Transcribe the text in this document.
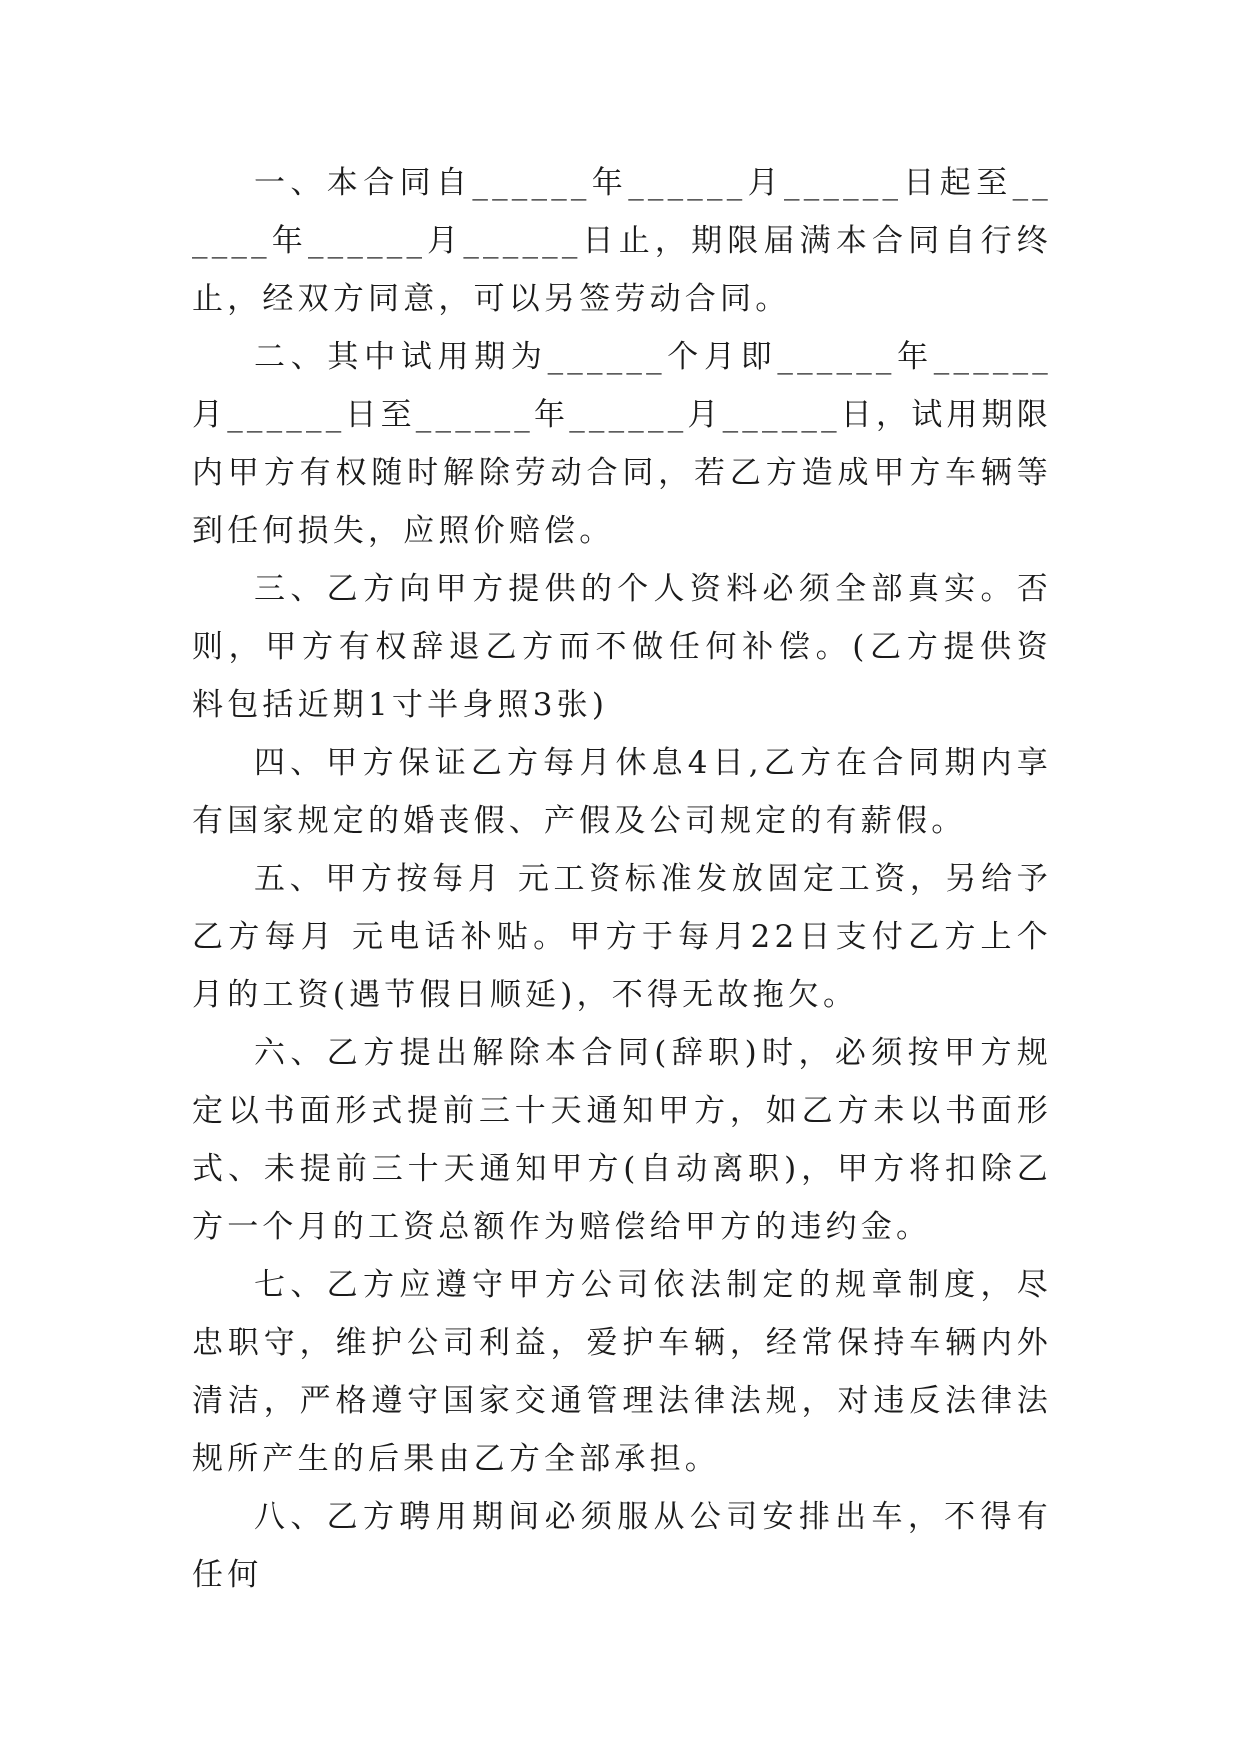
一、本合同自______年______月______日起至______年______月______日止，期限届满本合同自行终止，经双方同意，可以另签劳动合同。

二、其中试用期为______个月即______年______月______日至______年______月______日，试用期限内甲方有权随时解除劳动合同，若乙方造成甲方车辆等到任何损失，应照价赔偿。

三、乙方向甲方提供的个人资料必须全部真实。否则，甲方有权辞退乙方而不做任何补偿。(乙方提供资料包括近期1寸半身照3张)

四、甲方保证乙方每月休息4日,乙方在合同期内享有国家规定的婚丧假、产假及公司规定的有薪假。

五、甲方按每月 元工资标准发放固定工资，另给予乙方每月 元电话补贴。甲方于每月22日支付乙方上个月的工资(遇节假日顺延)，不得无故拖欠。

六、乙方提出解除本合同(辞职)时，必须按甲方规定以书面形式提前三十天通知甲方，如乙方未以书面形式、未提前三十天通知甲方(自动离职)，甲方将扣除乙方一个月的工资总额作为赔偿给甲方的违约金。

七、乙方应遵守甲方公司依法制定的规章制度，尽忠职守，维护公司利益，爱护车辆，经常保持车辆内外清洁，严格遵守国家交通管理法律法规，对违反法律法规所产生的后果由乙方全部承担。

八、乙方聘用期间必须服从公司安排出车，不得有任何
